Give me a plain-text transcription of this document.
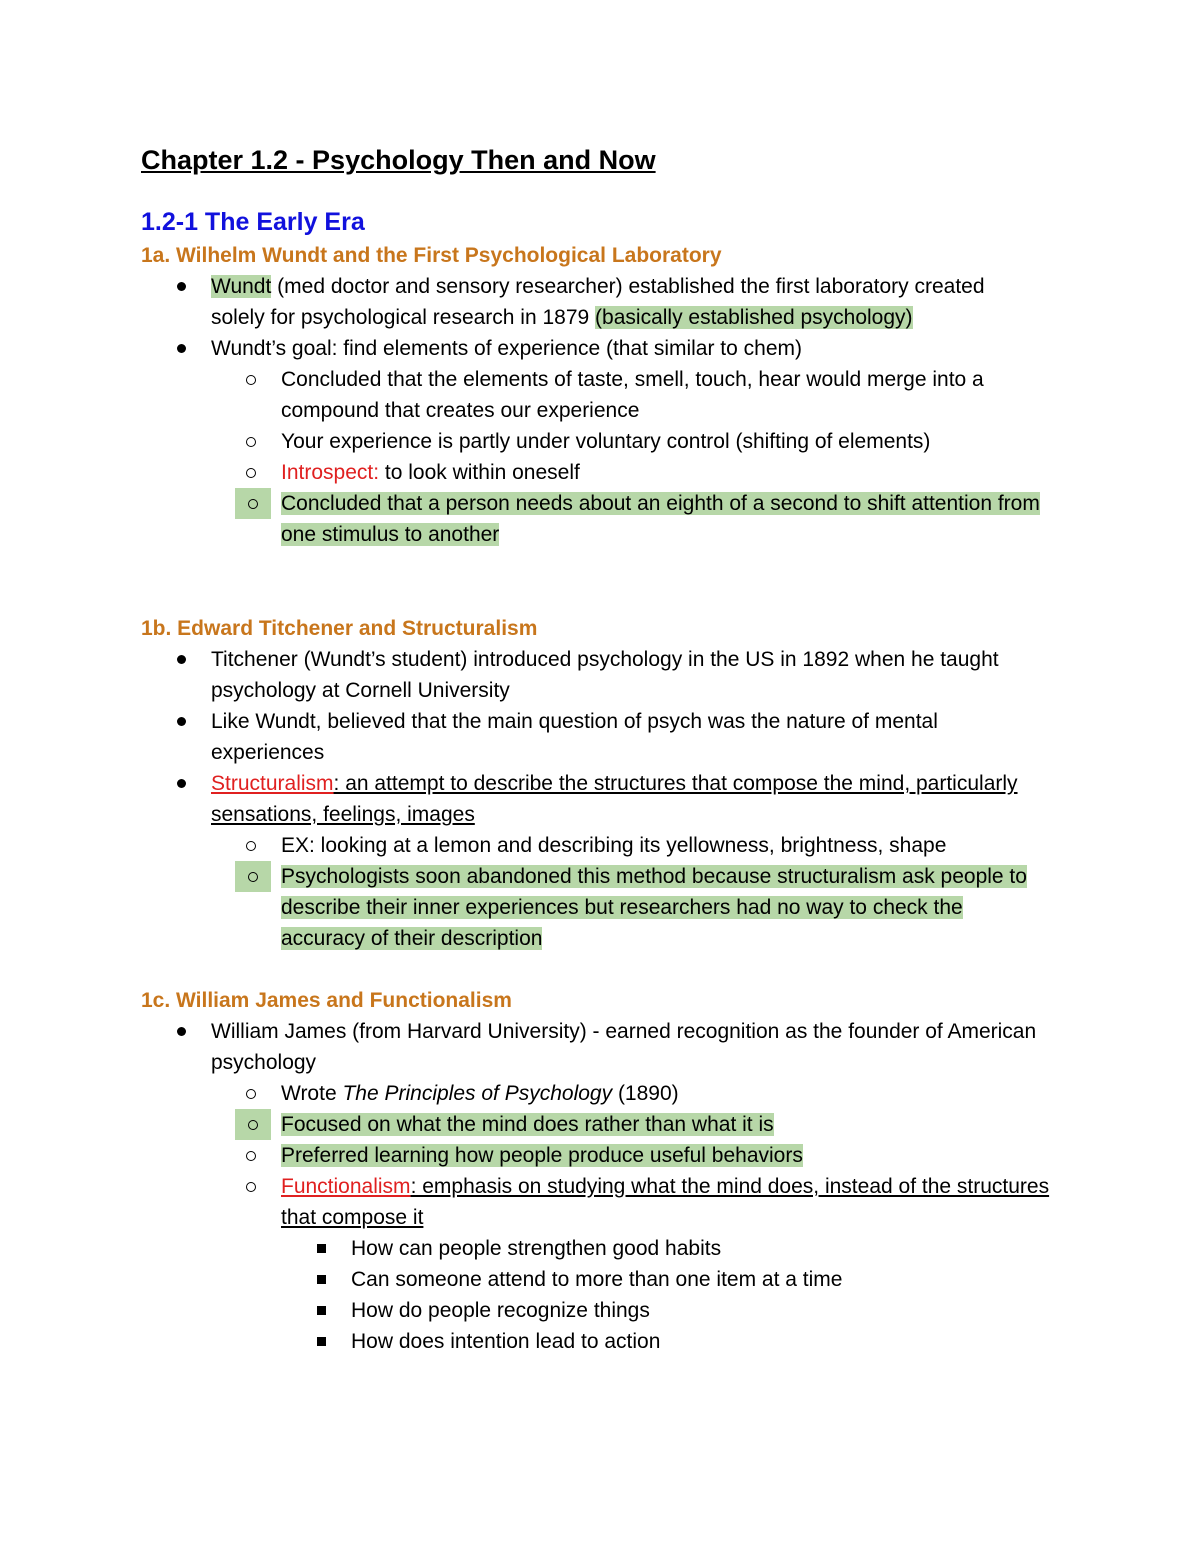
Chapter 1.2 - Psychology Then and Now
1.2-1 The Early Era
1a. Wilhelm Wundt and the First Psychological Laboratory
Wundt (med doctor and sensory researcher) established the first laboratory created solely for psychological research in 1879 (basically established psychology)
Wundt’s goal: find elements of experience (that similar to chem)
Concluded that the elements of taste, smell, touch, hear would merge into a compound that creates our experience
Your experience is partly under voluntary control (shifting of elements)
Introspect: to look within oneself
Concluded that a person needs about an eighth of a second to shift attention from one stimulus to another
1b. Edward Titchener and Structuralism
Titchener (Wundt’s student) introduced psychology in the US in 1892 when he taught psychology at Cornell University
Like Wundt, believed that the main question of psych was the nature of mental experiences
Structuralism: an attempt to describe the structures that compose the mind, particularly sensations, feelings, images
EX: looking at a lemon and describing its yellowness, brightness, shape
Psychologists soon abandoned this method because structuralism ask people to describe their inner experiences but researchers had no way to check the accuracy of their description
1c. William James and Functionalism
William James (from Harvard University) - earned recognition as the founder of American psychology
Wrote The Principles of Psychology (1890)
Focused on what the mind does rather than what it is
Preferred learning how people produce useful behaviors
Functionalism: emphasis on studying what the mind does, instead of the structures that compose it
How can people strengthen good habits
Can someone attend to more than one item at a time
How do people recognize things
How does intention lead to action
